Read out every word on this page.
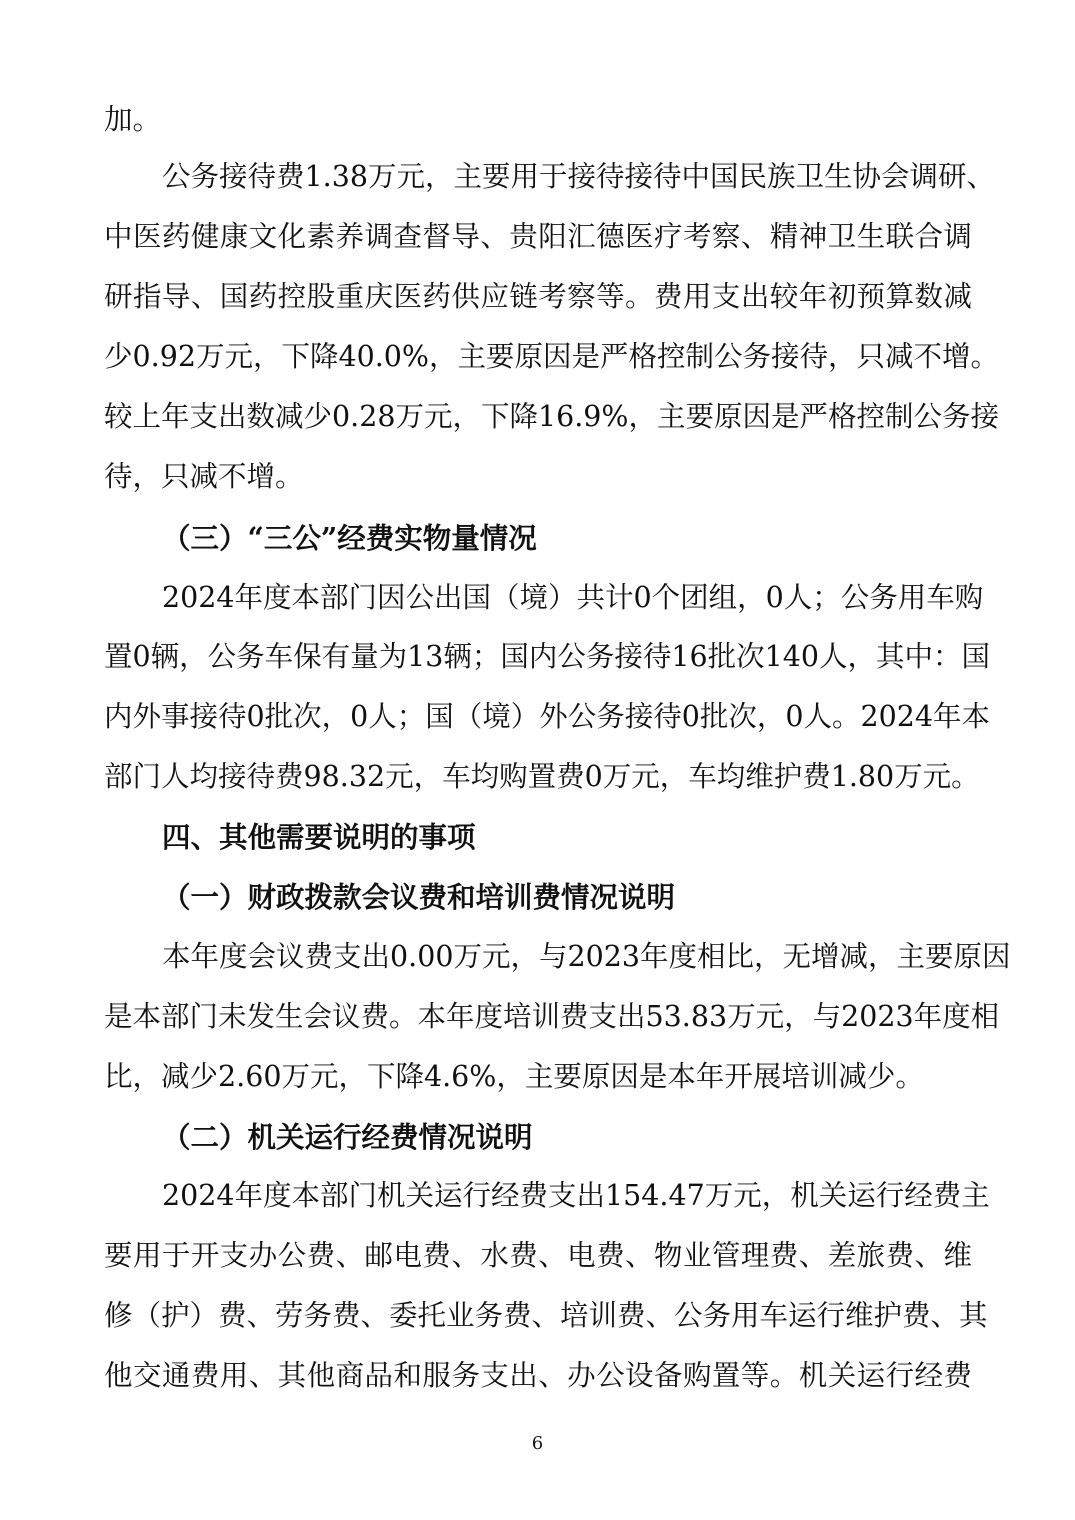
加。
公务接待费1.38万元，主要用于接待接待中国民族卫生协会调研、
中医药健康文化素养调查督导、贵阳汇德医疗考察、精神卫生联合调
研指导、国药控股重庆医药供应链考察等。费用支出较年初预算数减
少0.92万元，下降40.0%，主要原因是严格控制公务接待，只减不增。
较上年支出数减少0.28万元，下降16.9%，主要原因是严格控制公务接
待，只减不增。
（三）“三公”经费实物量情况
2024年度本部门因公出国（境）共计0个团组，0人；公务用车购
置0辆，公务车保有量为13辆；国内公务接待16批次140人，其中：国
内外事接待0批次，0人；国（境）外公务接待0批次，0人。2024年本
部门人均接待费98.32元，车均购置费0万元，车均维护费1.80万元。
四、其他需要说明的事项
（一）财政拨款会议费和培训费情况说明
本年度会议费支出0.00万元，与2023年度相比，无增减，主要原因
是本部门未发生会议费。本年度培训费支出53.83万元，与2023年度相
比，减少2.60万元，下降4.6%，主要原因是本年开展培训减少。
（二）机关运行经费情况说明
2024年度本部门机关运行经费支出154.47万元，机关运行经费主
要用于开支办公费、邮电费、水费、电费、物业管理费、差旅费、维
修（护）费、劳务费、委托业务费、培训费、公务用车运行维护费、其
他交通费用、其他商品和服务支出、办公设备购置等。机关运行经费
6
